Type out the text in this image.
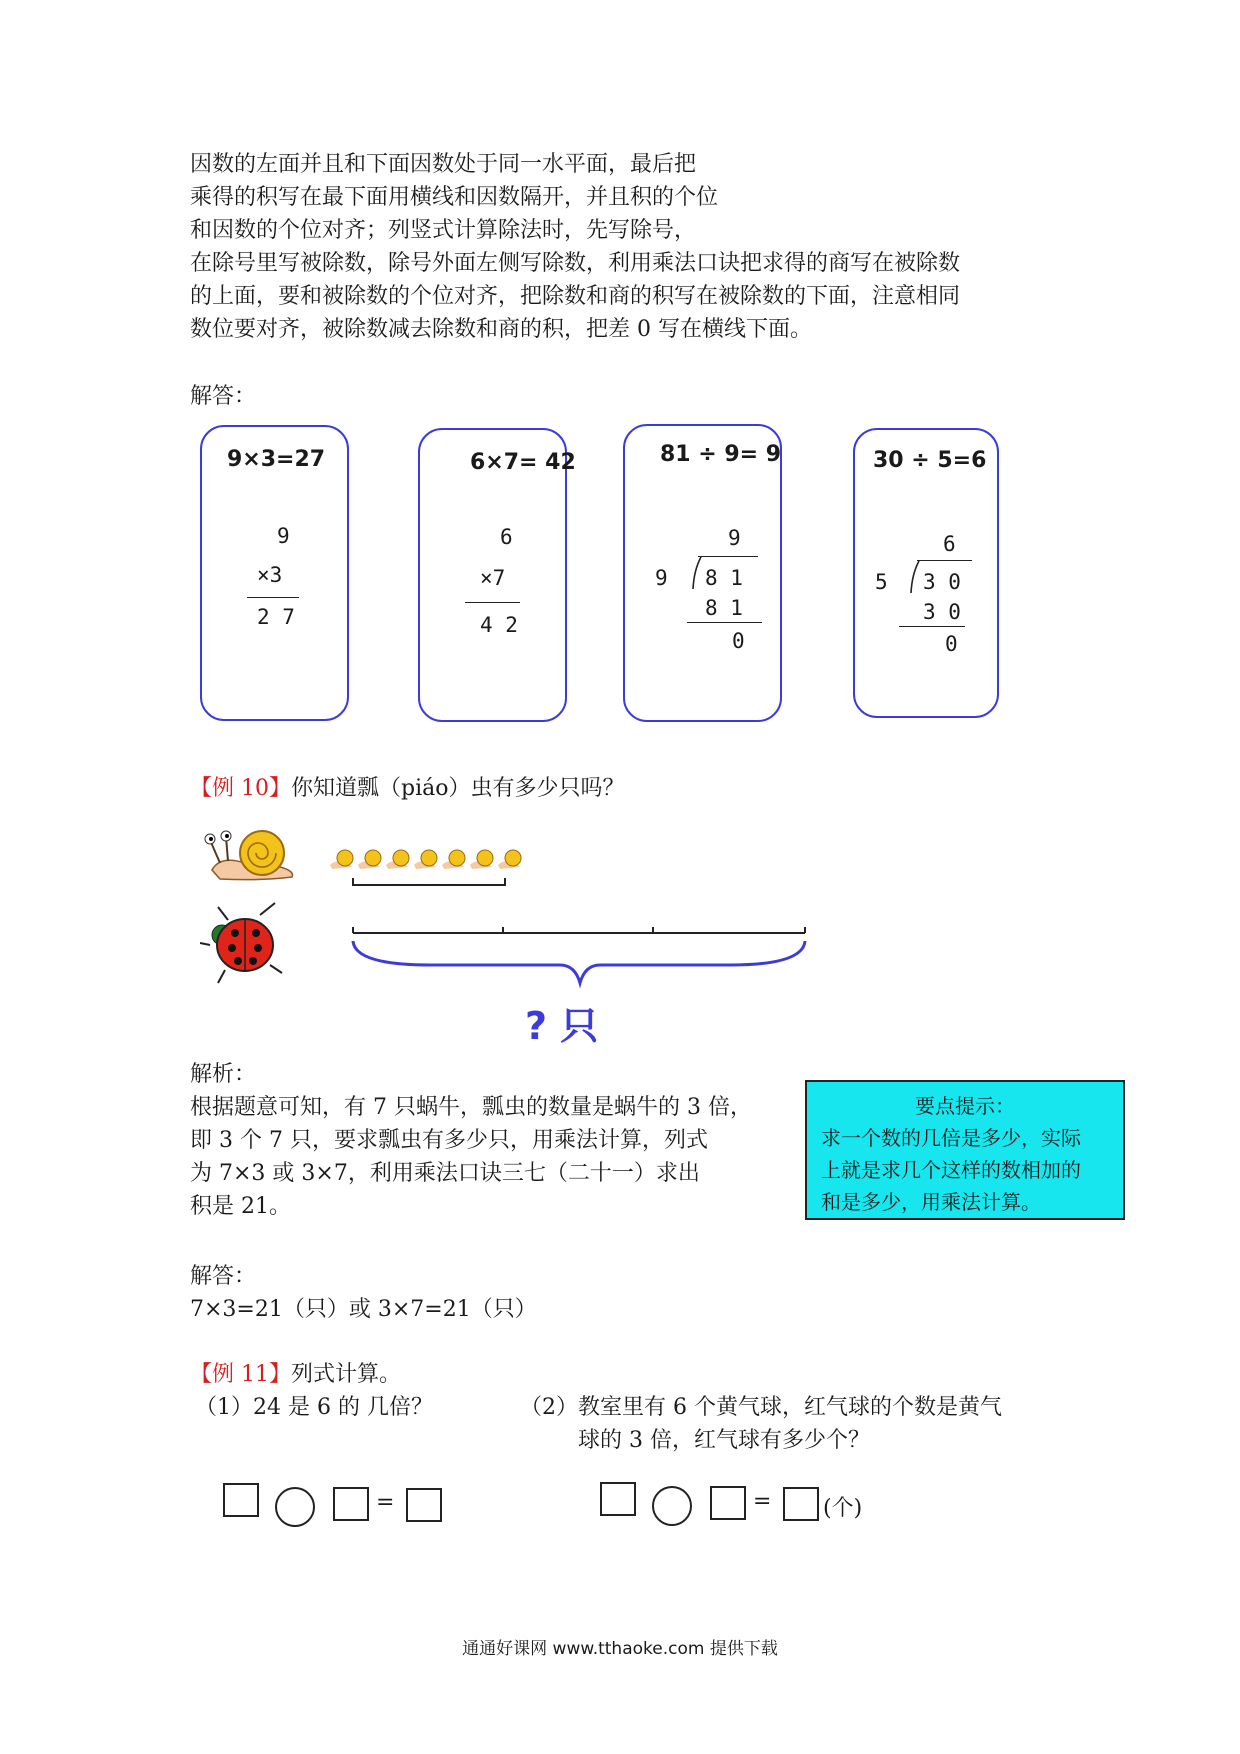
因数的左面并且和下面因数处于同一水平面，最后把
乘得的积写在最下面用横线和因数隔开，并且积的个位
和因数的个位对齐；列竖式计算除法时，先写除号，
在除号里写被除数，除号外面左侧写除数，利用乘法口诀把求得的商写在被除数
的上面，要和被除数的个位对齐，把除数和商的积写在被除数的下面，注意相同
数位要对齐，被除数减去除数和商的积，把差 0 写在横线下面。
解答：
9×3=27
9
×3
2 7
6×7= 42
6
×7
4 2
81 ÷ 9= 9
9
9 8 1
8 1
0
30 ÷ 5=6
6
5 3 0
3 0
0
【例 10】你知道瓢（piáo）虫有多少只吗？
? 只
解析：
根据题意可知，有 7 只蜗牛，瓢虫的数量是蜗牛的 3 倍，
即 3 个 7 只，要求瓢虫有多少只，用乘法计算，列式
为 7×3 或 3×7，利用乘法口诀三七（二十一）求出
积是 21。
要点提示：
求一个数的几倍是多少，实际
上就是求几个这样的数相加的
和是多少，用乘法计算。
解答：
7×3=21（只）或 3×7=21（只）
【例 11】列式计算。
（1）24 是 6 的 几倍？	（2）教室里有 6 个黄气球，红气球的个数是黄气
球的 3 倍，红气球有多少个？
=	= (个)
通通好课网 www.tthaoke.com 提供下载
